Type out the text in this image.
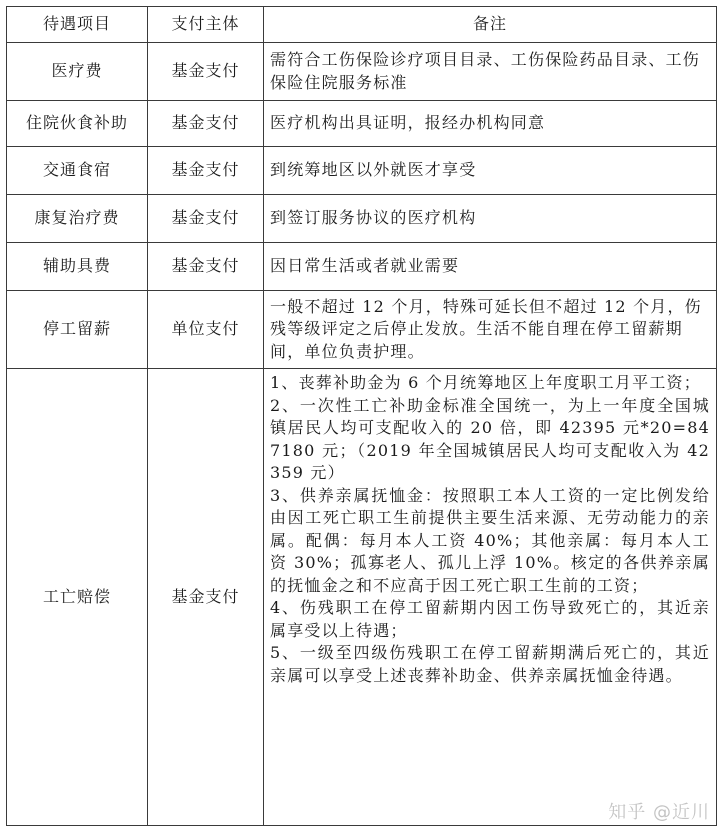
待遇项目	支付主体	备注
医疗费	基金支付	需符合工伤保险诊疗项目目录、工伤保险药品目录、工伤保险住院服务标准
住院伙食补助	基金支付	医疗机构出具证明，报经办机构同意
交通食宿	基金支付	到统筹地区以外就医才享受
康复治疗费	基金支付	到签订服务协议的医疗机构
辅助具费	基金支付	因日常生活或者就业需要
停工留薪	单位支付	一般不超过 12 个月，特殊可延长但不超过 12 个月，伤残等级评定之后停止发放。生活不能自理在停工留薪期间，单位负责护理。
工亡赔偿	基金支付	1、丧葬补助金为 6 个月统筹地区上年度职工月平工资；
2、一次性工亡补助金标准全国统一，为上一年度全国城镇居民人均可支配收入的 20 倍，即 42395 元*20=847180 元；（2019 年全国城镇居民人均可支配收入为 42359 元）
3、供养亲属抚恤金：按照职工本人工资的一定比例发给由因工死亡职工生前提供主要生活来源、无劳动能力的亲属。配偶：每月本人工资 40%；其他亲属：每月本人工资 30%；孤寡老人、孤儿上浮 10%。核定的各供养亲属的抚恤金之和不应高于因工死亡职工生前的工资；
4、伤残职工在停工留薪期内因工伤导致死亡的，其近亲属享受以上待遇；
5、一级至四级伤残职工在停工留薪期满后死亡的，其近亲属可以享受上述丧葬补助金、供养亲属抚恤金待遇。
知乎 @近川
